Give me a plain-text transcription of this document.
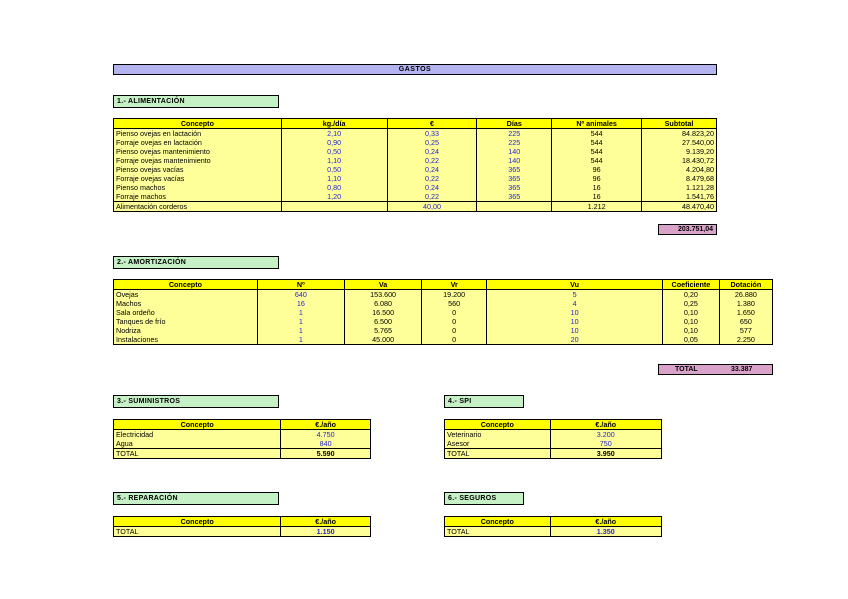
GASTOS
1.- ALIMENTACIÓN
Concepto	kg./día	€	Días	Nº animales	Subtotal
Pienso ovejas en lactación	2,10	0,33	225	544	84.823,20
Forraje ovejas en lactación	0,90	0,25	225	544	27.540,00
Pienso ovejas mantenimiento	0,50	0,24	140	544	9.139,20
Forraje ovejas mantenimiento	1,10	0,22	140	544	18.430,72
Pienso ovejas vacías	0,50	0,24	365	96	4.204,80
Forraje ovejas vacías	1,10	0,22	365	96	8.479,68
Pienso machos	0,80	0,24	365	16	1.121,28
Forraje machos	1,20	0,22	365	16	1.541,76
Alimentación corderos		40,00		1.212	48.470,40
203.751,04
2.- AMORTIZACIÓN
Concepto	Nº	Va	Vr	Vu	Coeficiente	Dotación
Ovejas	640	153.600	19.200	5	0,20	26.880
Machos	16	6.080	560	4	0,25	1.380
Sala ordeño	1	16.500	0	10	0,10	1.650
Tanques de frío	1	6.500	0	10	0,10	650
Nodriza	1	5.765	0	10	0,10	577
Instalaciones	1	45.000	0	20	0,05	2.250
TOTAL	33.387
3.- SUMINISTROS
Concepto	€./año
Electricidad	4.750
Agua	840
TOTAL	5.590
4.- SPI
Concepto	€./año
Veterinario	3.200
Asesor	750
TOTAL	3.950
5.- REPARACIÓN
Concepto	€./año
TOTAL	1.150
6.- SEGUROS
Concepto	€./año
TOTAL	1.350
